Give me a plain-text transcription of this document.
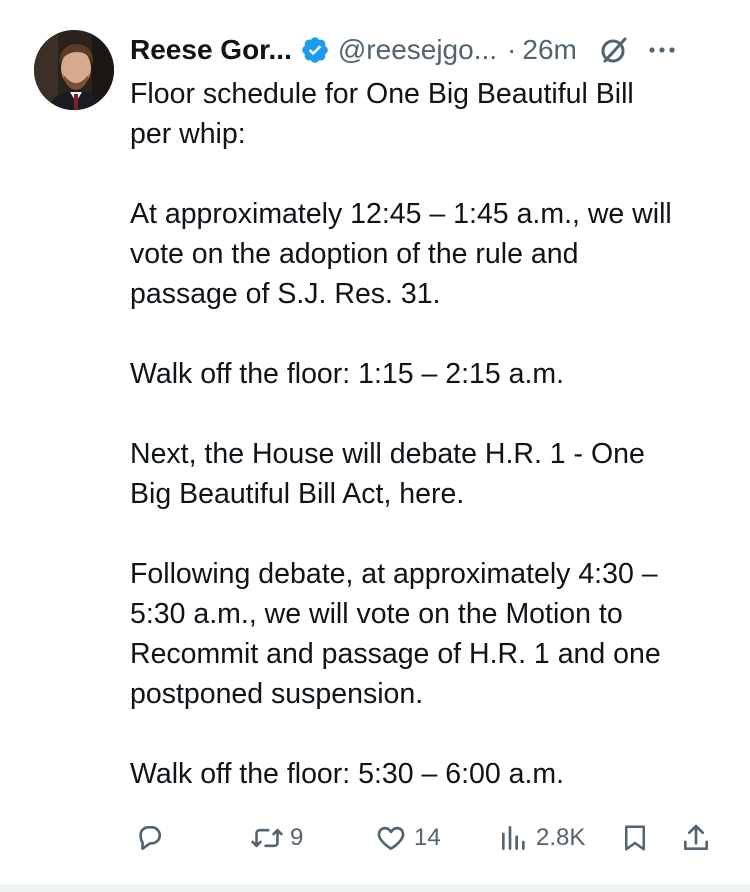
Reese Gor... @reesejgo... · 26m

Floor schedule for One Big Beautiful Bill
per whip:

At approximately 12:45 – 1:45 a.m., we will
vote on the adoption of the rule and
passage of S.J. Res. 31.

Walk off the floor: 1:15 – 2:15 a.m.

Next, the House will debate H.R. 1 - One
Big Beautiful Bill Act, here.

Following debate, at approximately 4:30 –
5:30 a.m., we will vote on the Motion to
Recommit and passage of H.R. 1 and one
postponed suspension.

Walk off the floor: 5:30 – 6:00 a.m.

9	14	2.8K
